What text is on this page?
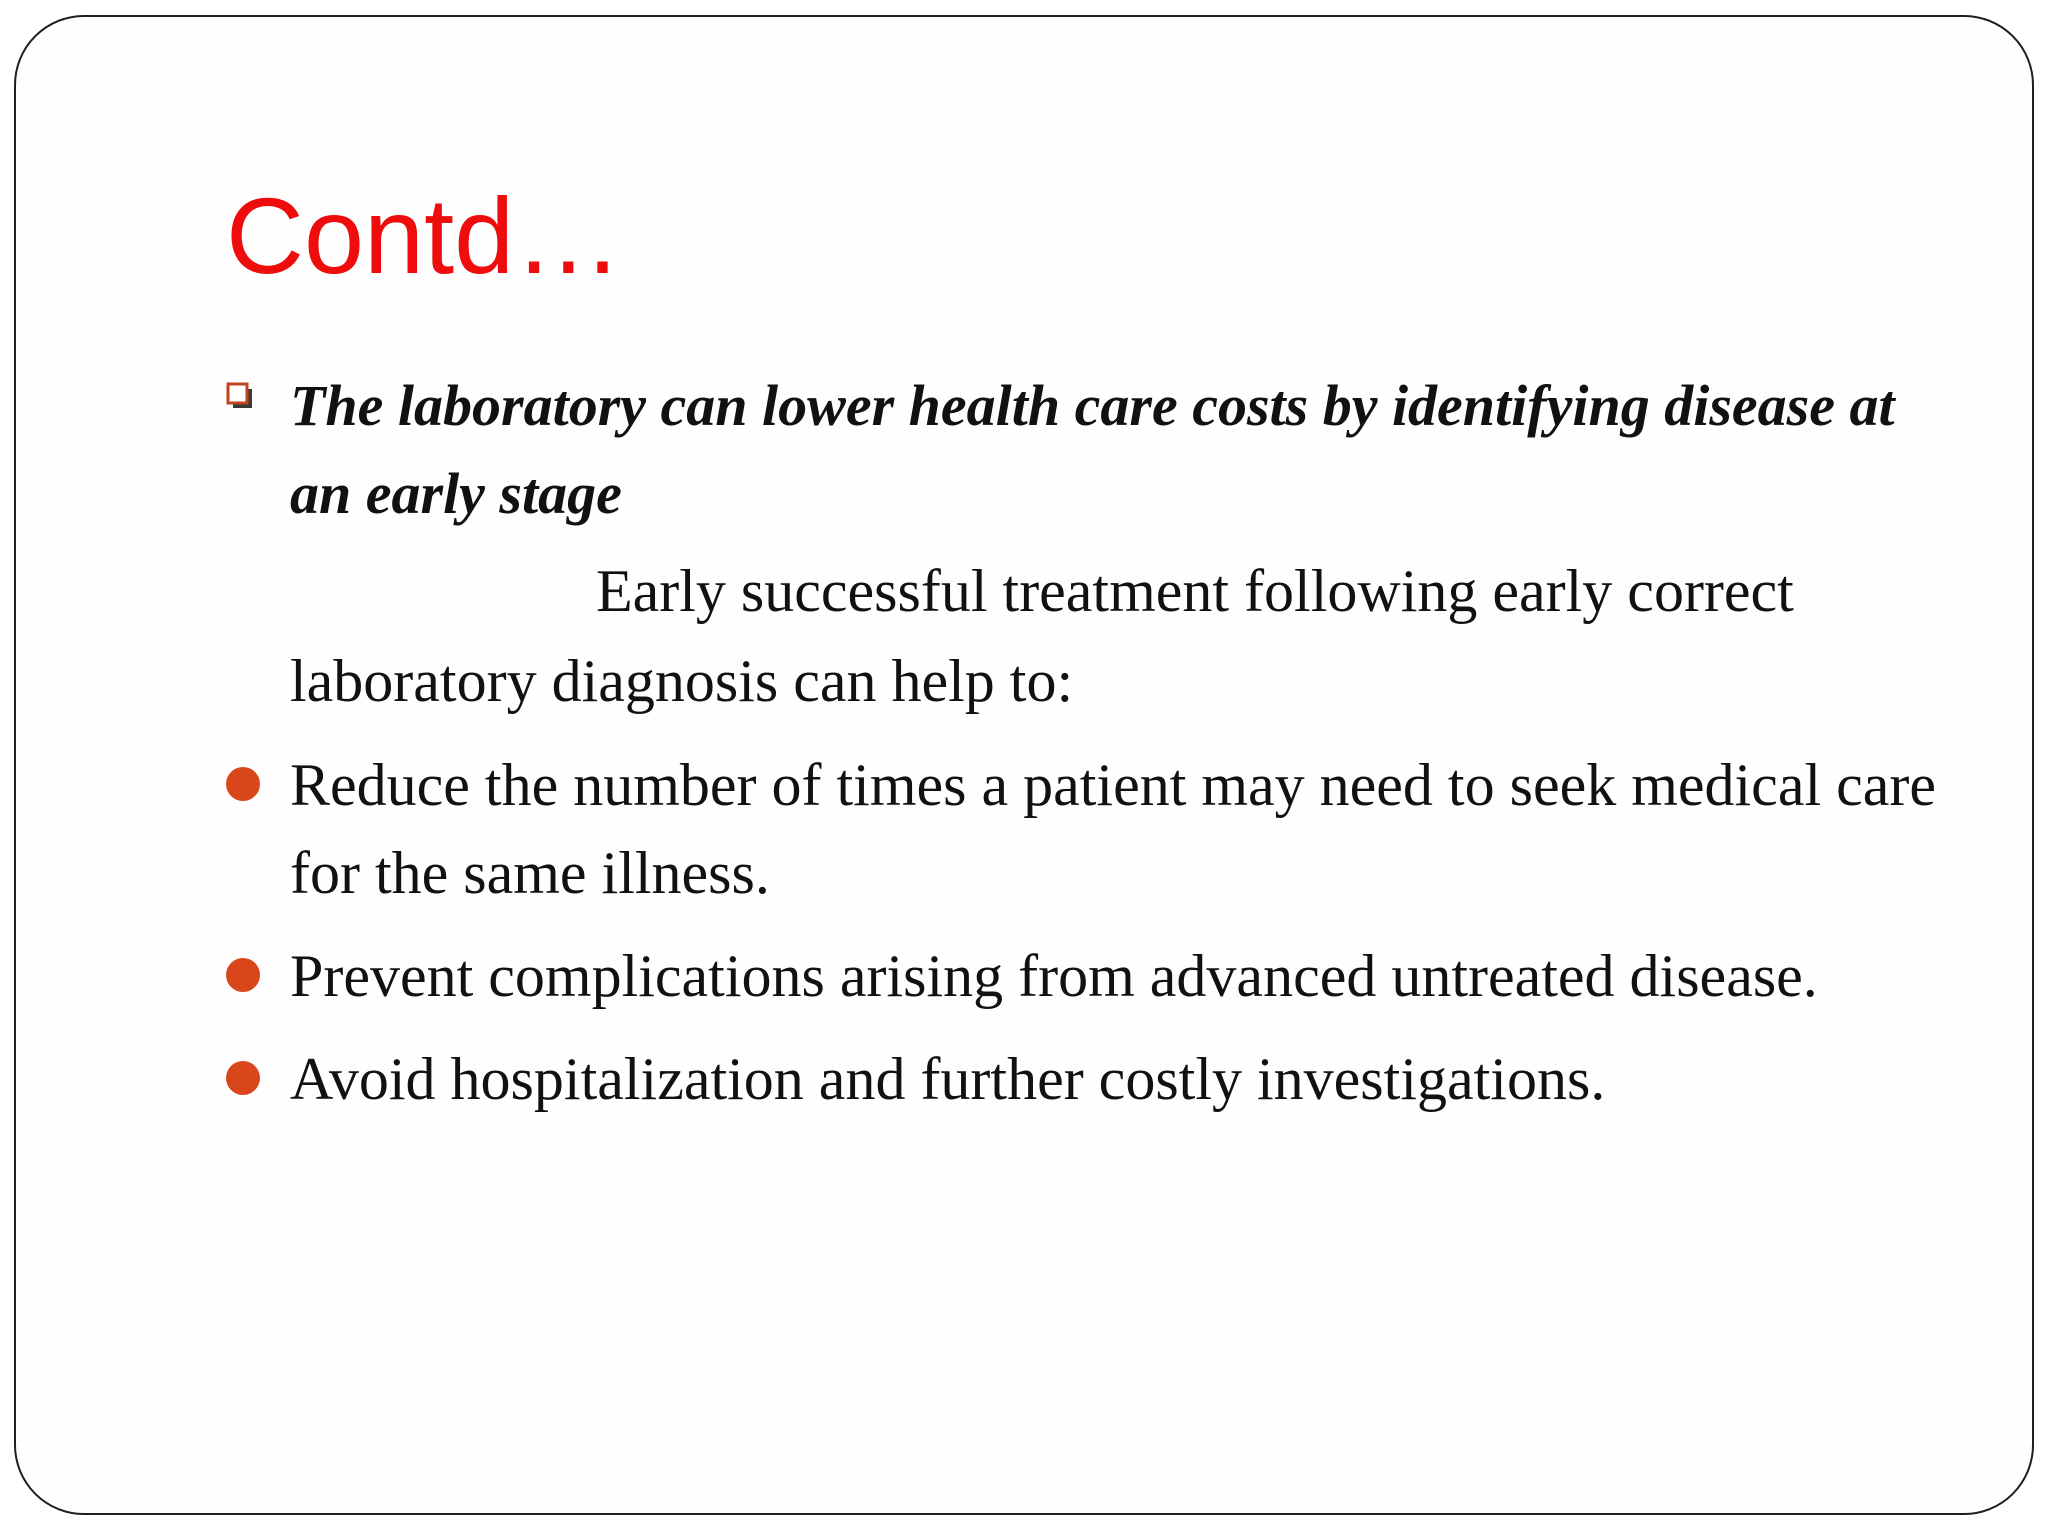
Contd…
The laboratory can lower health care costs by identifying disease at an early stage
Early successful treatment following early correct laboratory diagnosis can help to:
Reduce the number of times a patient may need to seek medical care for the same illness.
Prevent complications arising from advanced untreated disease.
Avoid hospitalization and further costly investigations.
